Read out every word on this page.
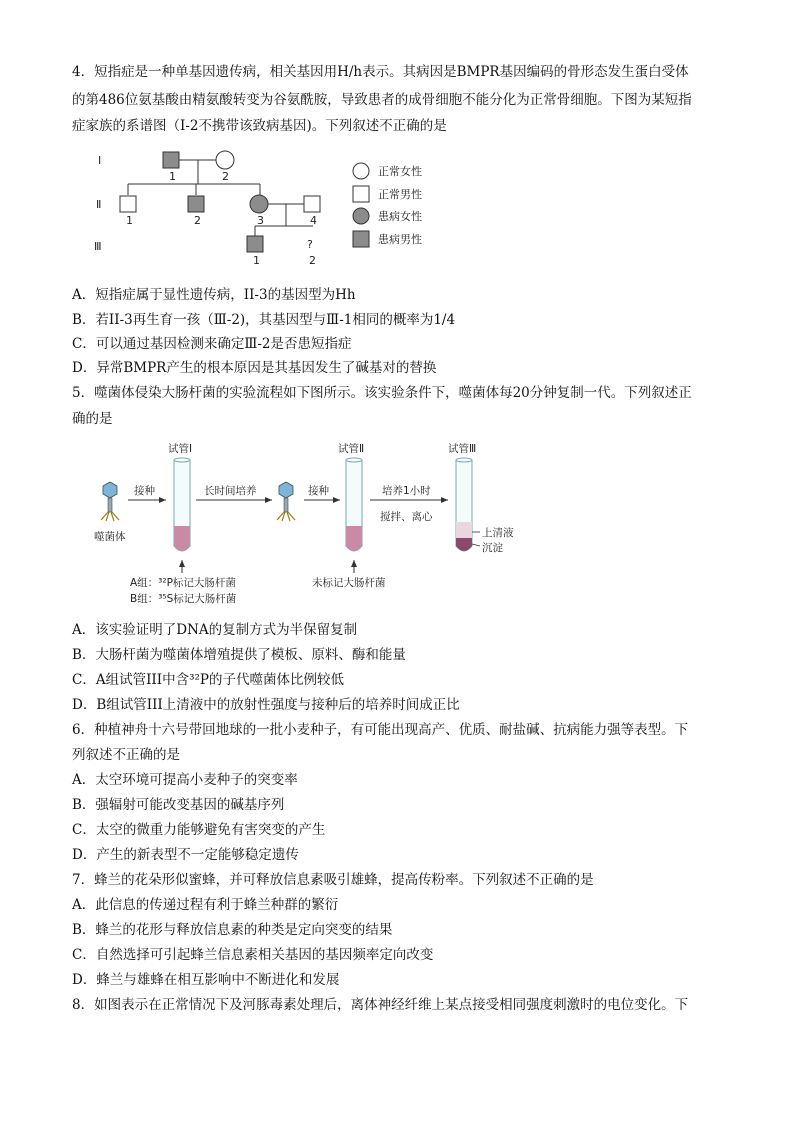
4．短指症是一种单基因遗传病，相关基因用H/h表示。其病因是BMPR基因编码的骨形态发生蛋白受体
的第486位氨基酸由精氨酸转变为谷氨酰胺，导致患者的成骨细胞不能分化为正常骨细胞。下图为某短指
症家族的系谱图（Ⅰ-2不携带该致病基因)。下列叙述不正确的是
Ⅰ
Ⅱ
Ⅲ
1	2
1	2	3	4
1
?
2
正常女性
正常男性
患病女性
患病男性
A．短指症属于显性遗传病，II-3的基因型为Hh
B．若II-3再生育一孩（Ⅲ-2)，其基因型与Ⅲ-1相同的概率为1/4
C．可以通过基因检测来确定Ⅲ-2是否患短指症
D．异常BMPR产生的根本原因是其基因发生了碱基对的替换
5．噬菌体侵染大肠杆菌的实验流程如下图所示。该实验条件下，噬菌体每20分钟复制一代。下列叙述正
确的是
试管Ⅰ	试管Ⅱ	试管Ⅲ
接种	长时间培养	接种	培养1小时
搅拌、离心
噬菌体	上清液
沉淀
A组：³²P标记大肠杆菌
B组：³⁵S标记大肠杆菌
未标记大肠杆菌
A．该实验证明了DNA的复制方式为半保留复制
B．大肠杆菌为噬菌体增殖提供了模板、原料、酶和能量
C．A组试管III中含³²P的子代噬菌体比例较低
D．B组试管III上清液中的放射性强度与接种后的培养时间成正比
6．种植神舟十六号带回地球的一批小麦种子，有可能出现高产、优质、耐盐碱、抗病能力强等表型。下
列叙述不正确的是
A．太空环境可提高小麦种子的突变率
B．强辐射可能改变基因的碱基序列
C．太空的微重力能够避免有害突变的产生
D．产生的新表型不一定能够稳定遗传
7．蜂兰的花朵形似蜜蜂，并可释放信息素吸引雄蜂，提高传粉率。下列叙述不正确的是
A．此信息的传递过程有利于蜂兰种群的繁衍
B．蜂兰的花形与释放信息素的种类是定向突变的结果
C．自然选择可引起蜂兰信息素相关基因的基因频率定向改变
D．蜂兰与雄蜂在相互影响中不断进化和发展
8．如图表示在正常情况下及河豚毒素处理后，离体神经纤维上某点接受相同强度刺激时的电位变化。下
